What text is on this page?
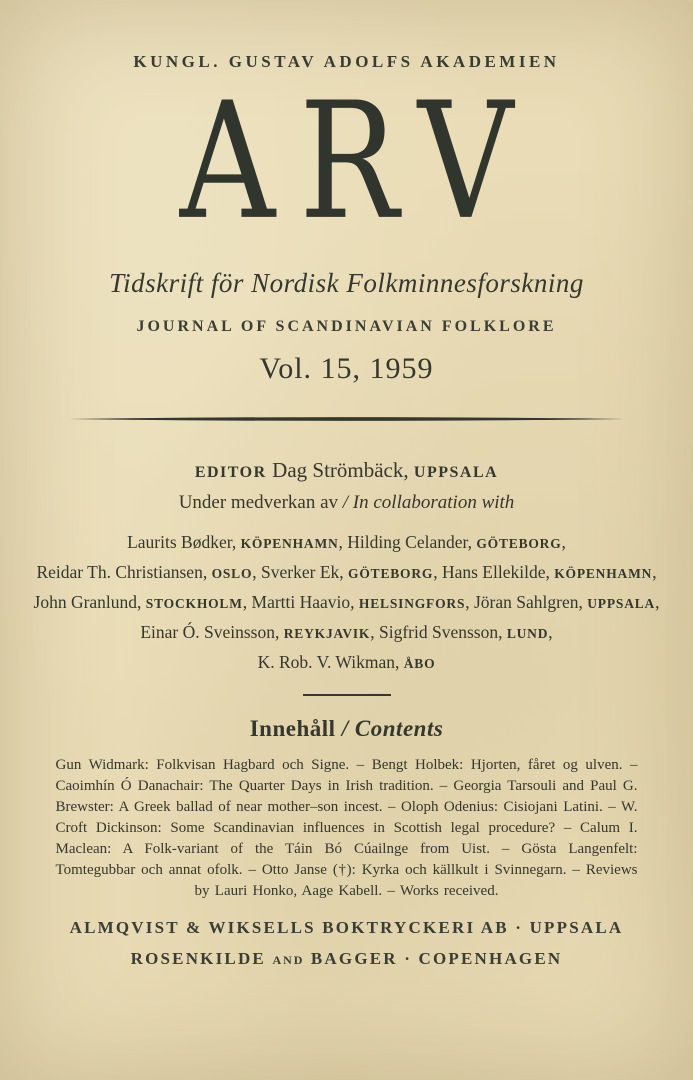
KUNGL. GUSTAV ADOLFS AKADEMIEN
ARV
Tidskrift för Nordisk Folkminnesforskning
JOURNAL OF SCANDINAVIAN FOLKLORE
Vol. 15, 1959
EDITOR Dag Strömbäck, UPPSALA
Under medverkan av / In collaboration with
Laurits Bødker, KÖPENHAMN, Hilding Celander, GÖTEBORG,
Reidar Th. Christiansen, OSLO, Sverker Ek, GÖTEBORG, Hans Ellekilde, KÖPENHAMN,
John Granlund, STOCKHOLM, Martti Haavio, HELSINGFORS, Jöran Sahlgren, UPPSALA,
Einar Ó. Sveinsson, REYKJAVIK, Sigfrid Svensson, LUND,
K. Rob. V. Wikman, ÅBO
Innehåll / Contents
Gun Widmark: Folkvisan Hagbard och Signe. – Bengt Holbek: Hjorten, fåret og ulven. – Caoimhín Ó Danachair: The Quarter Days in Irish tradition. – Georgia Tarsouli and Paul G. Brewster: A Greek ballad of near mother–son incest. – Oloph Odenius: Cisiojani Latini. – W. Croft Dickinson: Some Scandinavian influences in Scottish legal procedure? – Calum I. Maclean: A Folk-variant of the Táin Bó Cúailnge from Uist. – Gösta Langenfelt: Tomtegubbar och annat ofolk. – Otto Janse (†): Kyrka och källkult i Svinnegarn. – Reviews by Lauri Honko, Aage Kabell. – Works received.
ALMQVIST & WIKSELLS BOKTRYCKERI AB · UPPSALA
ROSENKILDE AND BAGGER · COPENHAGEN
